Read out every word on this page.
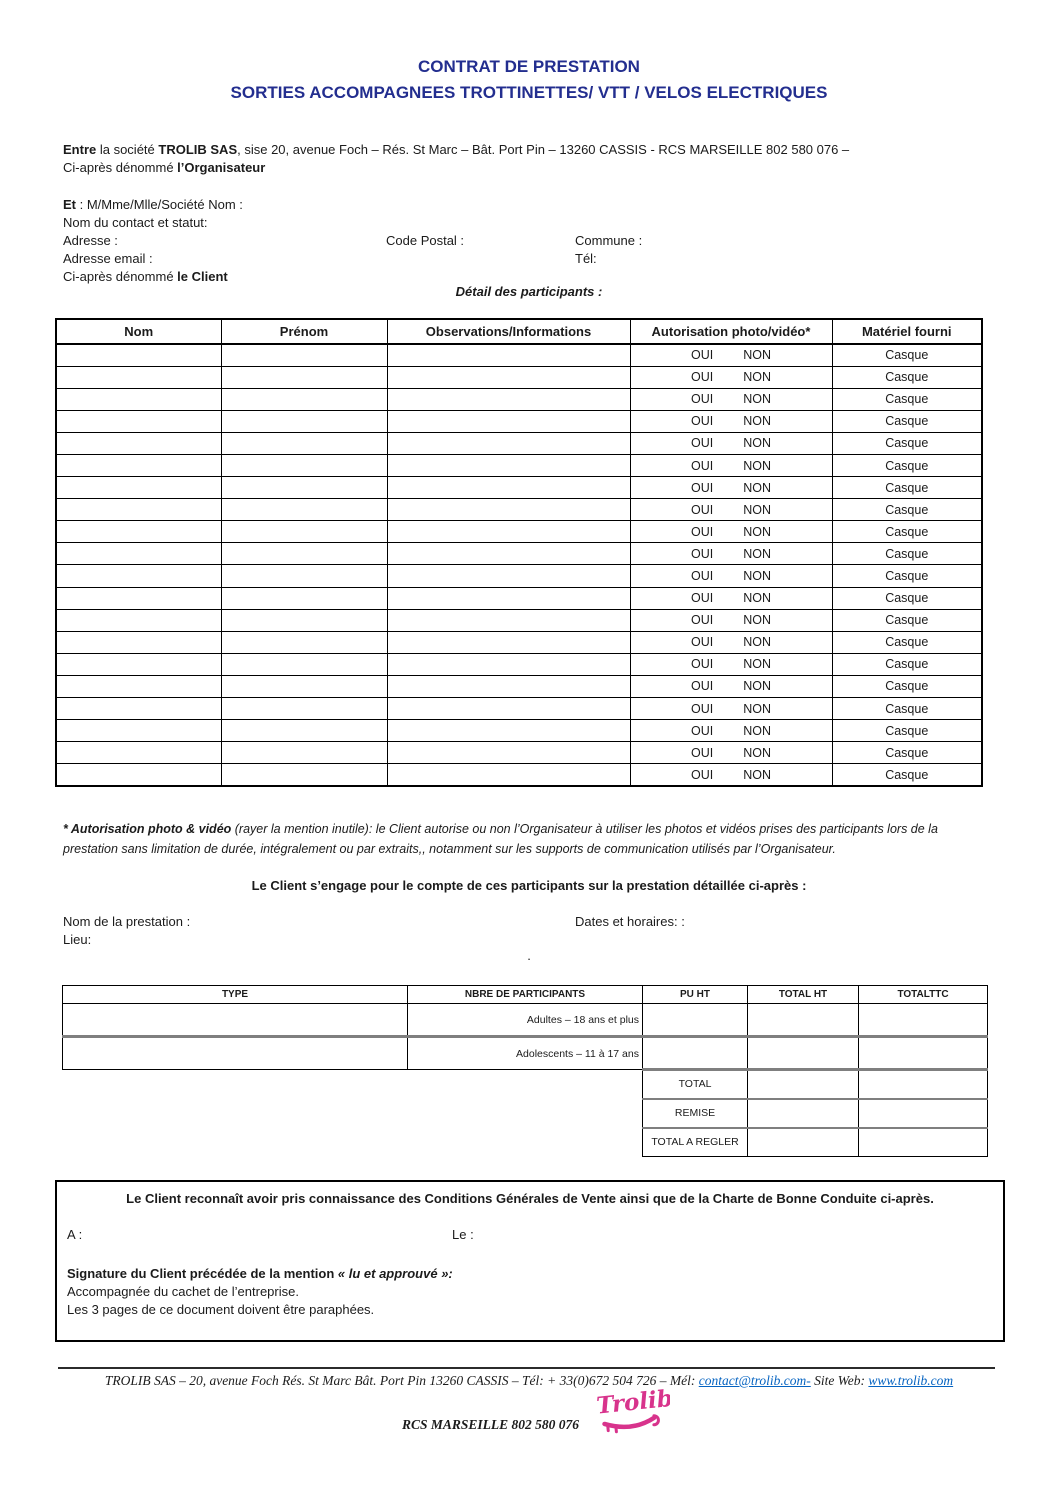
CONTRAT DE PRESTATION
SORTIES ACCOMPAGNEES TROTTINETTES/ VTT / VELOS ELECTRIQUES
Entre la société TROLIB SAS, sise 20, avenue Foch – Rés. St Marc – Bât. Port Pin – 13260 CASSIS - RCS MARSEILLE 802 580 076 –
Ci-après dénommé l’Organisateur
Et : M/Mme/Mlle/Société Nom :
Nom du contact et statut:
Adresse :	Code Postal :	Commune :
Adresse email :	Tél:
Ci-après dénommé le Client
Détail des participants :
Nom	Prénom	Observations/Informations	Autorisation photo/vidéo*	Matériel fourni
			OUI NON	Casque
			OUI NON	Casque
			OUI NON	Casque
			OUI NON	Casque
			OUI NON	Casque
			OUI NON	Casque
			OUI NON	Casque
			OUI NON	Casque
			OUI NON	Casque
			OUI NON	Casque
			OUI NON	Casque
			OUI NON	Casque
			OUI NON	Casque
			OUI NON	Casque
			OUI NON	Casque
			OUI NON	Casque
			OUI NON	Casque
			OUI NON	Casque
			OUI NON	Casque
			OUI NON	Casque
* Autorisation photo & vidéo (rayer la mention inutile): le Client autorise ou non l’Organisateur à utiliser les photos et vidéos prises des participants lors de la prestation sans limitation de durée, intégralement ou par extraits,, notamment sur les supports de communication utilisés par l’Organisateur.
Le Client s’engage pour le compte de ces participants sur la prestation détaillée ci-après :
Nom de la prestation :	Dates et horaires: :
Lieu:
.
TYPE	NBRE DE PARTICIPANTS	PU HT	TOTAL HT	TOTALTTC
	Adultes – 18 ans et plus			
	Adolescents – 11 à 17 ans			
		TOTAL		
		REMISE		
		TOTAL A REGLER		
Le Client reconnaît avoir pris connaissance des Conditions Générales de Vente ainsi que de la Charte de Bonne Conduite ci-après.
A :	Le :
Signature du Client précédée de la mention « lu et approuvé »:
Accompagnée du cachet de l’entreprise.
Les 3 pages de ce document doivent être paraphées.
TROLIB SAS – 20, avenue Foch Rés. St Marc Bât. Port Pin 13260 CASSIS – Tél: + 33(0)672 504 726 – Mél: contact@trolib.com- Site Web: www.trolib.com
Trolib
RCS MARSEILLE 802 580 076
